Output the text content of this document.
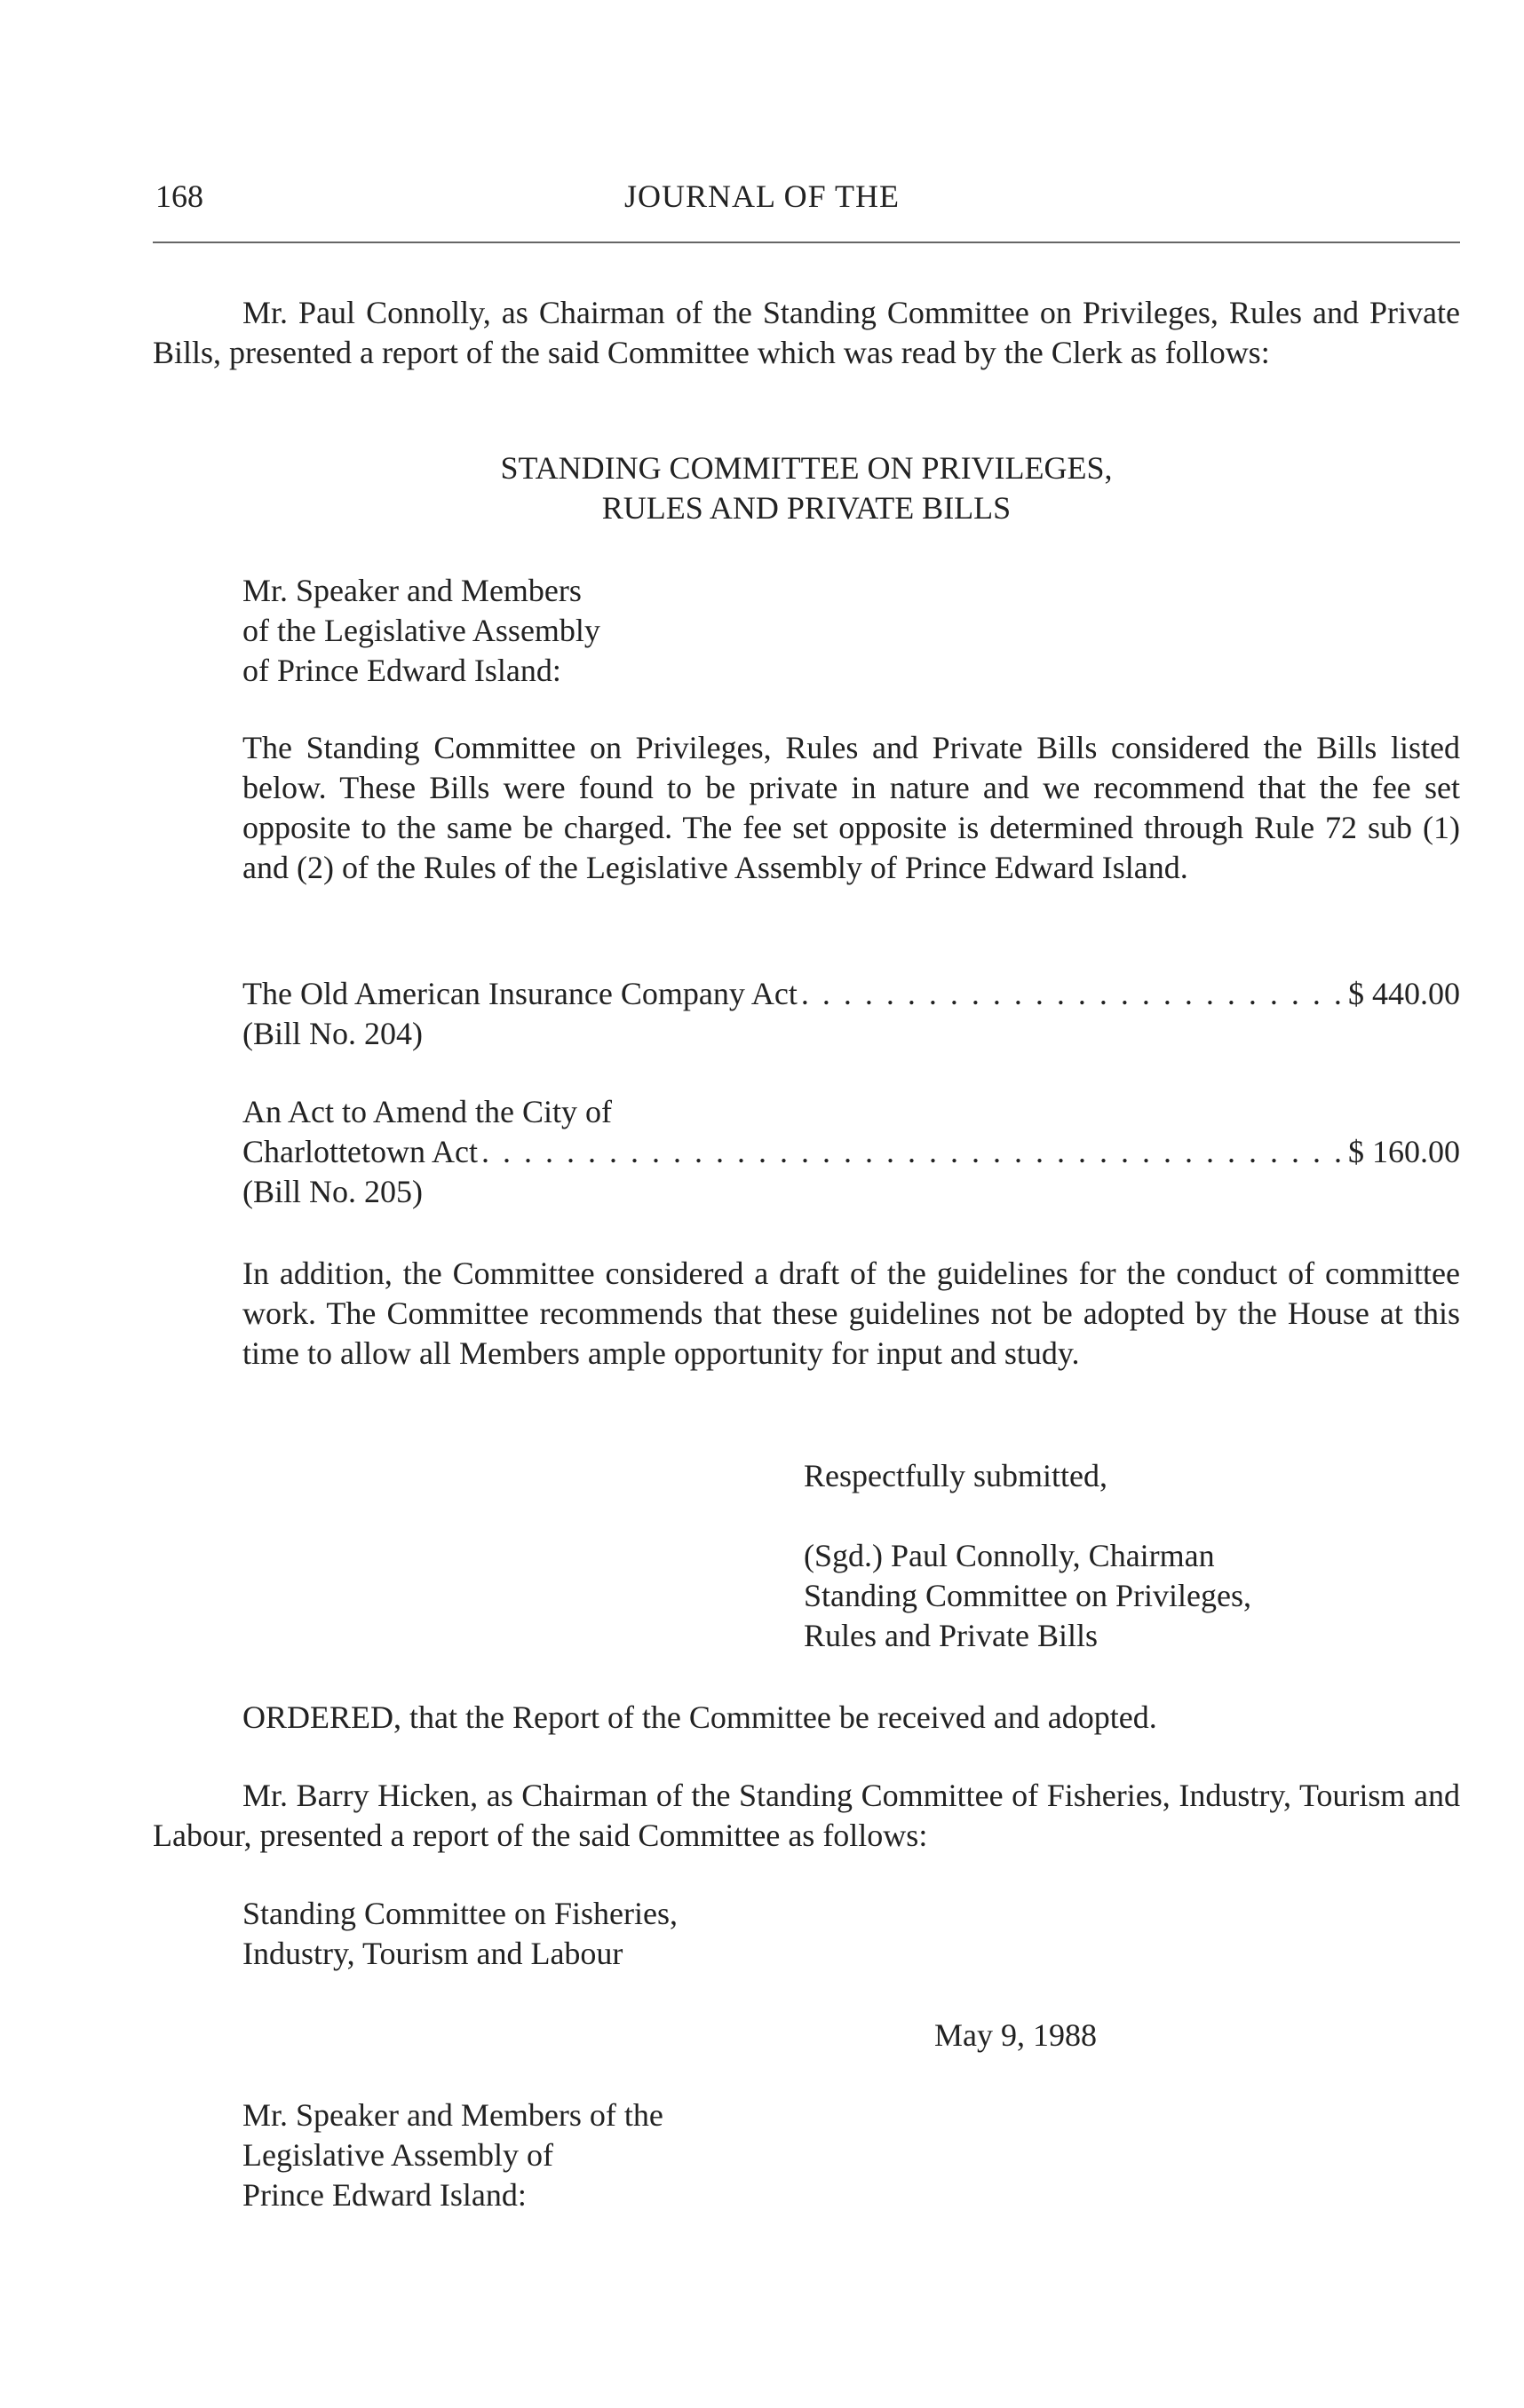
168	JOURNAL OF THE
Mr. Paul Connolly, as Chairman of the Standing Committee on Privileges, Rules and Private Bills, presented a report of the said Committee which was read by the Clerk as follows:
STANDING COMMITTEE ON PRIVILEGES,
RULES AND PRIVATE BILLS
Mr. Speaker and Members
of the Legislative Assembly
of Prince Edward Island:
The Standing Committee on Privileges, Rules and Private Bills considered the Bills listed below. These Bills were found to be private in nature and we recommend that the fee set opposite to the same be charged. The fee set opposite is determined through Rule 72 sub (1) and (2) of the Rules of the Legislative Assembly of Prince Edward Island.
The Old American Insurance Company Act . . .	$ 440.00
(Bill No. 204)
An Act to Amend the City of
Charlottetown Act . . .	$ 160.00
(Bill No. 205)
In addition, the Committee considered a draft of the guidelines for the conduct of committee work. The Committee recommends that these guidelines not be adopted by the House at this time to allow all Members ample opportunity for input and study.
Respectfully submitted,
(Sgd.) Paul Connolly, Chairman
Standing Committee on Privileges,
Rules and Private Bills
ORDERED, that the Report of the Committee be received and adopted.
Mr. Barry Hicken, as Chairman of the Standing Committee of Fisheries, Industry, Tourism and Labour, presented a report of the said Committee as follows:
Standing Committee on Fisheries,
Industry, Tourism and Labour
May 9, 1988
Mr. Speaker and Members of the
Legislative Assembly of
Prince Edward Island:
